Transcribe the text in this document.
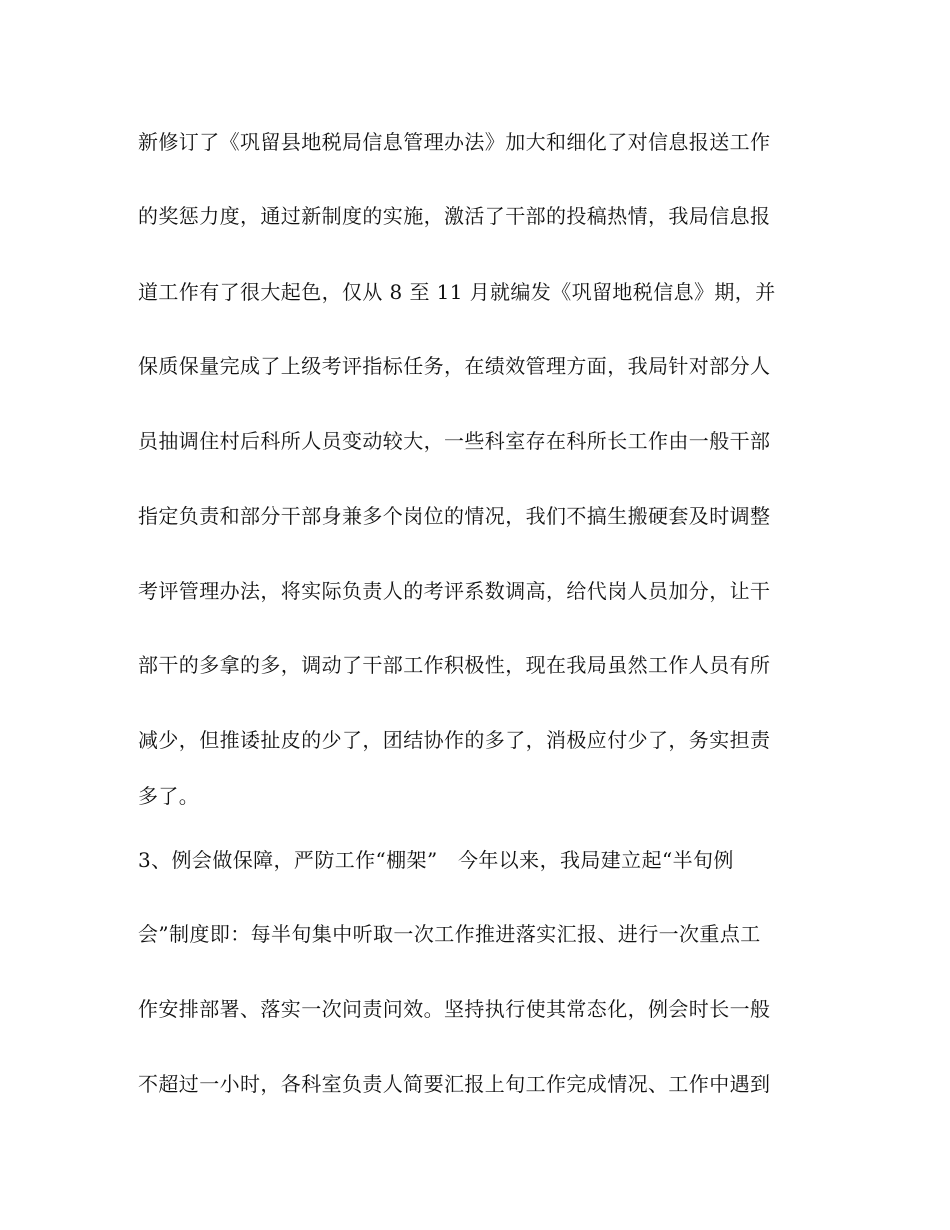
新修订了《巩留县地税局信息管理办法》加大和细化了对信息报送工作
的奖惩力度，通过新制度的实施，激活了干部的投稿热情，我局信息报
道工作有了很大起色，仅从 8 至 11 月就编发《巩留地税信息》期，并
保质保量完成了上级考评指标任务，在绩效管理方面，我局针对部分人
员抽调住村后科所人员变动较大，一些科室存在科所长工作由一般干部
指定负责和部分干部身兼多个岗位的情况，我们不搞生搬硬套及时调整
考评管理办法，将实际负责人的考评系数调高，给代岗人员加分，让干
部干的多拿的多，调动了干部工作积极性，现在我局虽然工作人员有所
减少，但推诿扯皮的少了，团结协作的多了，消极应付少了，务实担责
多了。
3、例会做保障，严防工作“棚架”　今年以来，我局建立起“半旬例
会”制度即：每半旬集中听取一次工作推进落实汇报、进行一次重点工
作安排部署、落实一次问责问效。坚持执行使其常态化，例会时长一般
不超过一小时，各科室负责人简要汇报上旬工作完成情况、工作中遇到
